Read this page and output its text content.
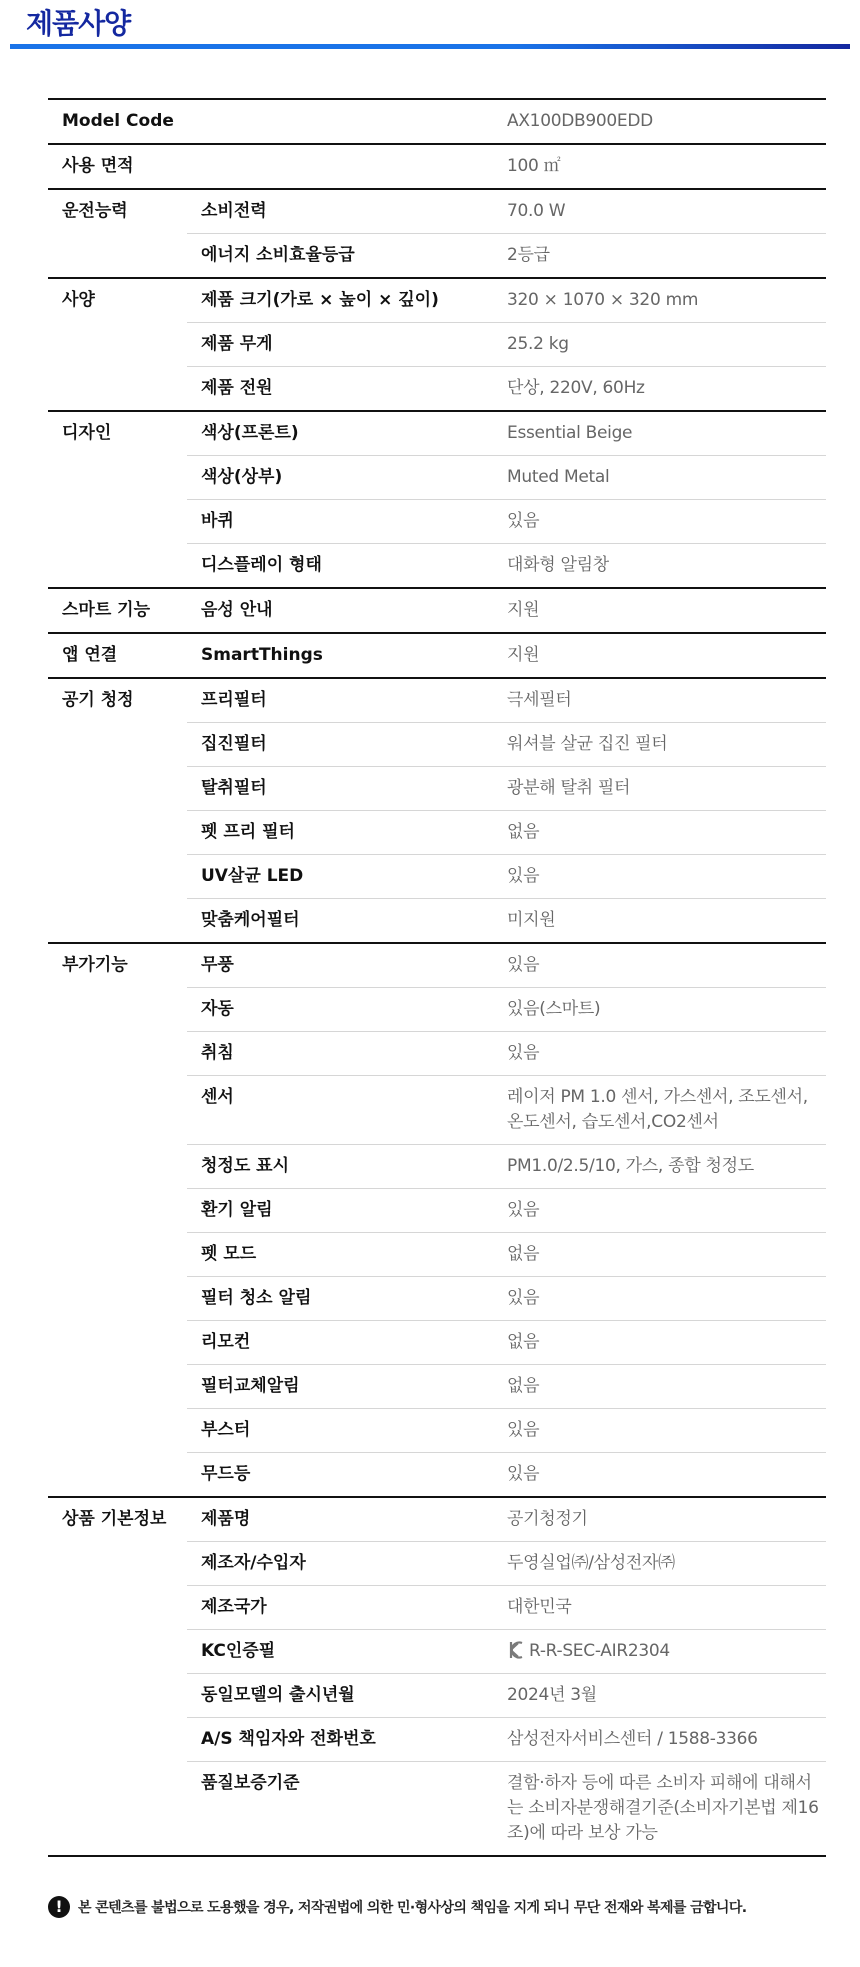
제품사양
Model Code		AX100DB900EDD
사용 면적		100 ㎡
운전능력	소비전력	70.0 W
	에너지 소비효율등급	2등급
사양	제품 크기(가로 × 높이 × 깊이)	320 × 1070 × 320 mm
	제품 무게	25.2 kg
	제품 전원	단상, 220V, 60Hz
디자인	색상(프론트)	Essential Beige
	색상(상부)	Muted Metal
	바퀴	있음
	디스플레이 형태	대화형 알림창
스마트 기능	음성 안내	지원
앱 연결	SmartThings	지원
공기 청정	프리필터	극세필터
	집진필터	워셔블 살균 집진 필터
	탈취필터	광분해 탈취 필터
	펫 프리 필터	없음
	UV살균 LED	있음
	맞춤케어필터	미지원
부가기능	무풍	있음
	자동	있음(스마트)
	취침	있음
	센서	레이저 PM 1.0 센서, 가스센서, 조도센서, 온도센서, 습도센서,CO2센서
	청정도 표시	PM1.0/2.5/10, 가스, 종합 청정도
	환기 알림	있음
	펫 모드	없음
	필터 청소 알림	있음
	리모컨	없음
	필터교체알림	없음
	부스터	있음
	무드등	있음
상품 기본정보	제품명	공기청정기
	제조자/수입자	두영실업㈜/삼성전자㈜
	제조국가	대한민국
	KC인증필	R-R-SEC-AIR2304
	동일모델의 출시년월	2024년 3월
	A/S 책임자와 전화번호	삼성전자서비스센터 / 1588-3366
	품질보증기준	결함·하자 등에 따른 소비자 피해에 대해서는 소비자분쟁해결기준(소비자기본법 제16조)에 따라 보상 가능
!	본 콘텐츠를 불법으로 도용했을 경우, 저작권법에 의한 민·형사상의 책임을 지게 되니 무단 전재와 복제를 금합니다.
